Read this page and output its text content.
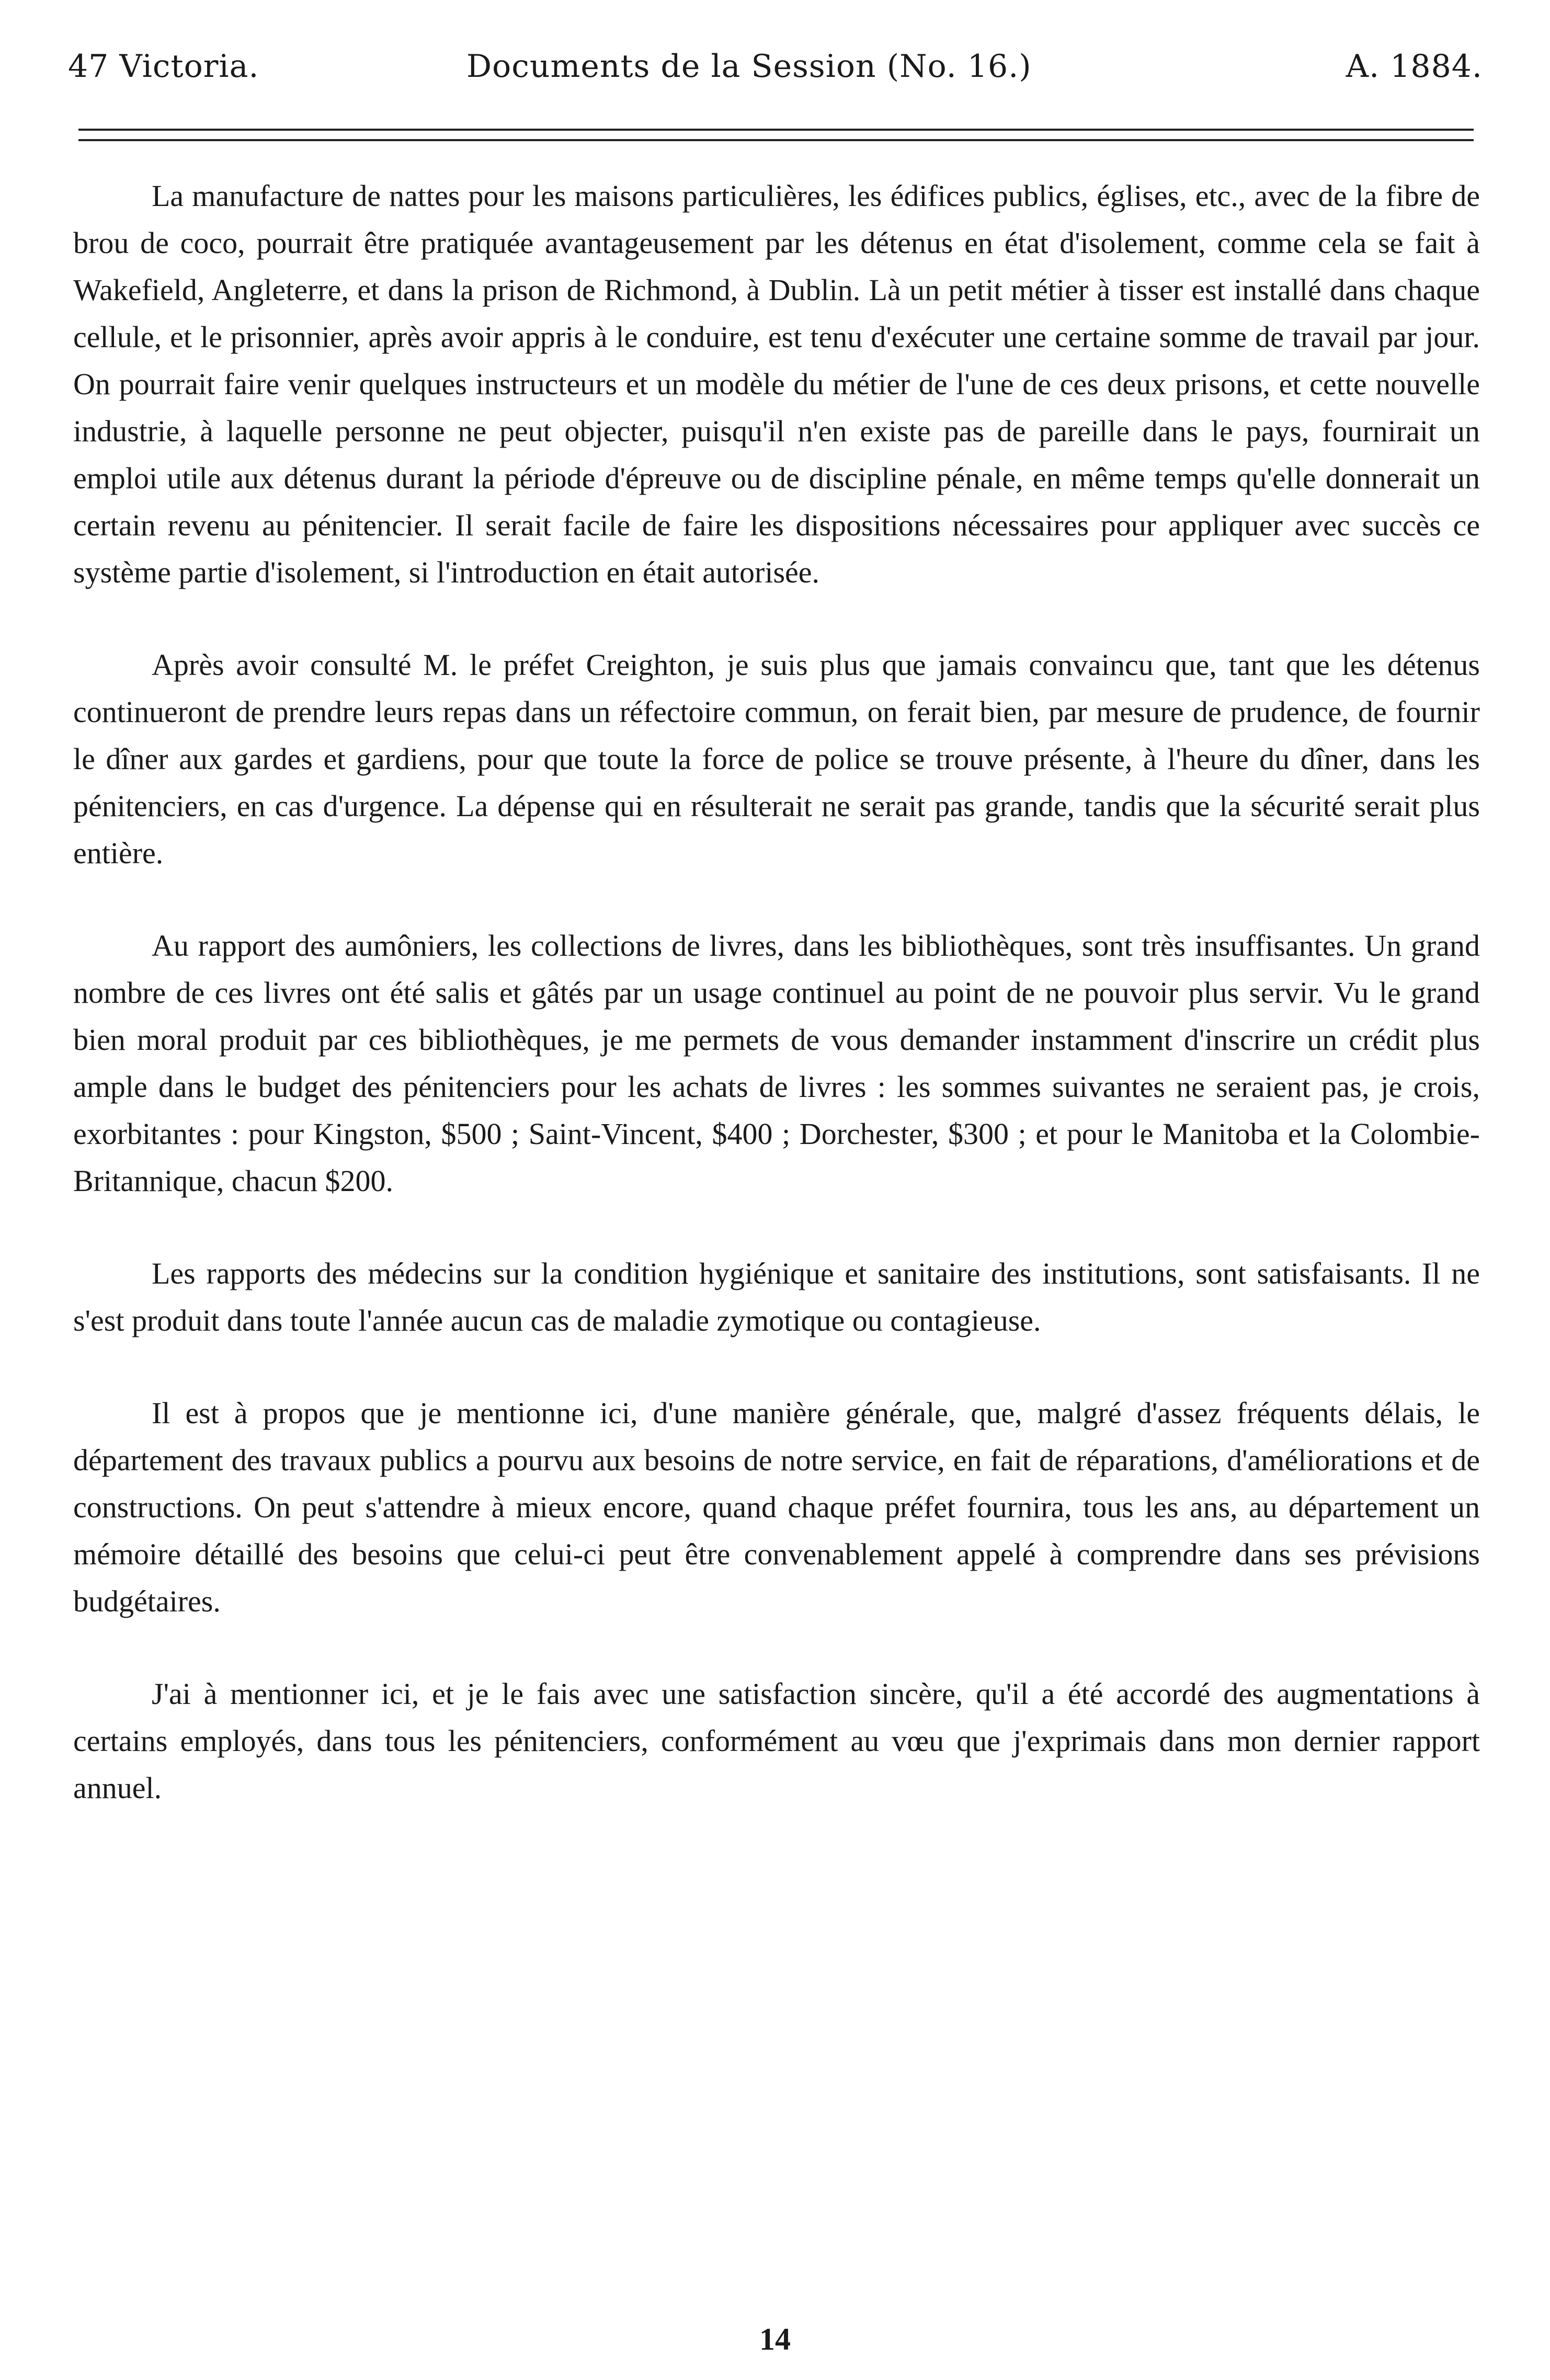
47 Victoria.	Documents de la Session (No. 16.)	A. 1884.

La manufacture de nattes pour les maisons particulières, les édifices publics, églises, etc., avec de la fibre de brou de coco, pourrait être pratiquée avantageusement par les détenus en état d'isolement, comme cela se fait à Wakefield, Angleterre, et dans la prison de Richmond, à Dublin. Là un petit métier à tisser est installé dans chaque cellule, et le prisonnier, après avoir appris à le conduire, est tenu d'exécuter une certaine somme de travail par jour. On pourrait faire venir quelques instructeurs et un modèle du métier de l'une de ces deux prisons, et cette nouvelle industrie, à laquelle personne ne peut objecter, puisqu'il n'en existe pas de pareille dans le pays, fournirait un emploi utile aux détenus durant la période d'épreuve ou de discipline pénale, en même temps qu'elle donnerait un certain revenu au pénitencier. Il serait facile de faire les dispositions nécessaires pour appliquer avec succès ce système partie d'isolement, si l'introduction en était autorisée.

Après avoir consulté M. le préfet Creighton, je suis plus que jamais convaincu que, tant que les détenus continueront de prendre leurs repas dans un réfectoire commun, on ferait bien, par mesure de prudence, de fournir le dîner aux gardes et gardiens, pour que toute la force de police se trouve présente, à l'heure du dîner, dans les pénitenciers, en cas d'urgence. La dépense qui en résulterait ne serait pas grande, tandis que la sécurité serait plus entière.

Au rapport des aumôniers, les collections de livres, dans les bibliothèques, sont très insuffisantes. Un grand nombre de ces livres ont été salis et gâtés par un usage continuel au point de ne pouvoir plus servir. Vu le grand bien moral produit par ces bibliothèques, je me permets de vous demander instamment d'inscrire un crédit plus ample dans le budget des pénitenciers pour les achats de livres : les sommes suivantes ne seraient pas, je crois, exorbitantes : pour Kingston, $500 ; Saint-Vincent, $400 ; Dorchester, $300 ; et pour le Manitoba et la Colombie-Britannique, chacun $200.

Les rapports des médecins sur la condition hygiénique et sanitaire des institutions, sont satisfaisants. Il ne s'est produit dans toute l'année aucun cas de maladie zymotique ou contagieuse.

Il est à propos que je mentionne ici, d'une manière générale, que, malgré d'assez fréquents délais, le département des travaux publics a pourvu aux besoins de notre service, en fait de réparations, d'améliorations et de constructions. On peut s'attendre à mieux encore, quand chaque préfet fournira, tous les ans, au département un mémoire détaillé des besoins que celui-ci peut être convenablement appelé à comprendre dans ses prévisions budgétaires.

J'ai à mentionner ici, et je le fais avec une satisfaction sincère, qu'il a été accordé des augmentations à certains employés, dans tous les pénitenciers, conformément au vœu que j'exprimais dans mon dernier rapport annuel.

14
